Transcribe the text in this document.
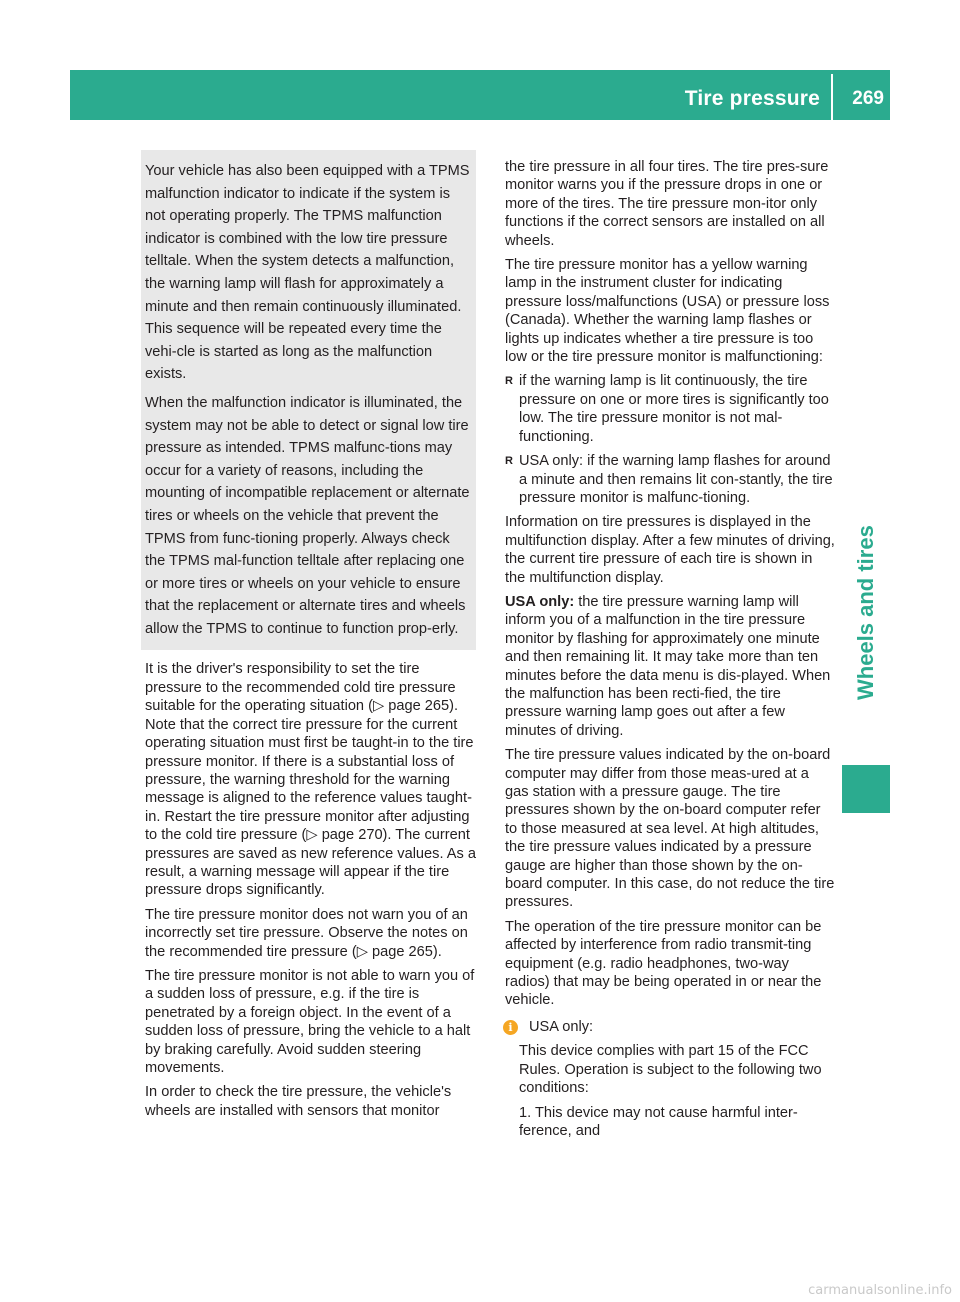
Tire pressure 269
Wheels and tires

Your vehicle has also been equipped with a TPMS malfunction indicator to indicate if the system is not operating properly. The TPMS malfunction indicator is combined with the low tire pressure telltale. When the system detects a malfunction, the warning lamp will flash for approximately a minute and then remain continuously illuminated. This sequence will be repeated every time the vehi-cle is started as long as the malfunction exists.

When the malfunction indicator is illuminated, the system may not be able to detect or signal low tire pressure as intended. TPMS malfunc-tions may occur for a variety of reasons, including the mounting of incompatible replacement or alternate tires or wheels on the vehicle that prevent the TPMS from func-tioning properly. Always check the TPMS mal-function telltale after replacing one or more tires or wheels on your vehicle to ensure that the replacement or alternate tires and wheels allow the TPMS to continue to function prop-erly.

It is the driver's responsibility to set the tire pressure to the recommended cold tire pressure suitable for the operating situation (▷ page 265). Note that the correct tire pressure for the current operating situation must first be taught-in to the tire pressure monitor. If there is a substantial loss of pressure, the warning threshold for the warning message is aligned to the reference values taught-in. Restart the tire pressure monitor after adjusting to the cold tire pressure (▷ page 270). The current pressures are saved as new reference values. As a result, a warning message will appear if the tire pressure drops significantly.

The tire pressure monitor does not warn you of an incorrectly set tire pressure. Observe the notes on the recommended tire pressure (▷ page 265).

The tire pressure monitor is not able to warn you of a sudden loss of pressure, e.g. if the tire is penetrated by a foreign object. In the event of a sudden loss of pressure, bring the vehicle to a halt by braking carefully. Avoid sudden steering movements.

In order to check the tire pressure, the vehicle's wheels are installed with sensors that monitor

the tire pressure in all four tires. The tire pres-sure monitor warns you if the pressure drops in one or more of the tires. The tire pressure mon-itor only functions if the correct sensors are installed on all wheels.

The tire pressure monitor has a yellow warning lamp in the instrument cluster for indicating pressure loss/malfunctions (USA) or pressure loss (Canada). Whether the warning lamp flashes or lights up indicates whether a tire pressure is too low or the tire pressure monitor is malfunctioning:

R if the warning lamp is lit continuously, the tire pressure on one or more tires is significantly too low. The tire pressure monitor is not mal-functioning.
R USA only: if the warning lamp flashes for around a minute and then remains lit con-stantly, the tire pressure monitor is malfunc-tioning.

Information on tire pressures is displayed in the multifunction display. After a few minutes of driving, the current tire pressure of each tire is shown in the multifunction display.

USA only: the tire pressure warning lamp will inform you of a malfunction in the tire pressure monitor by flashing for approximately one minute and then remaining lit. It may take more than ten minutes before the data menu is dis-played. When the malfunction has been recti-fied, the tire pressure warning lamp goes out after a few minutes of driving.

The tire pressure values indicated by the on-board computer may differ from those meas-ured at a gas station with a pressure gauge. The tire pressures shown by the on-board computer refer to those measured at sea level. At high altitudes, the tire pressure values indicated by a pressure gauge are higher than those shown by the on-board computer. In this case, do not reduce the tire pressures.

The operation of the tire pressure monitor can be affected by interference from radio transmit-ting equipment (e.g. radio headphones, two-way radios) that may be being operated in or near the vehicle.

i	USA only:

This device complies with part 15 of the FCC Rules. Operation is subject to the following two conditions:

1. This device may not cause harmful inter-ference, and

carmanualsonline.info
